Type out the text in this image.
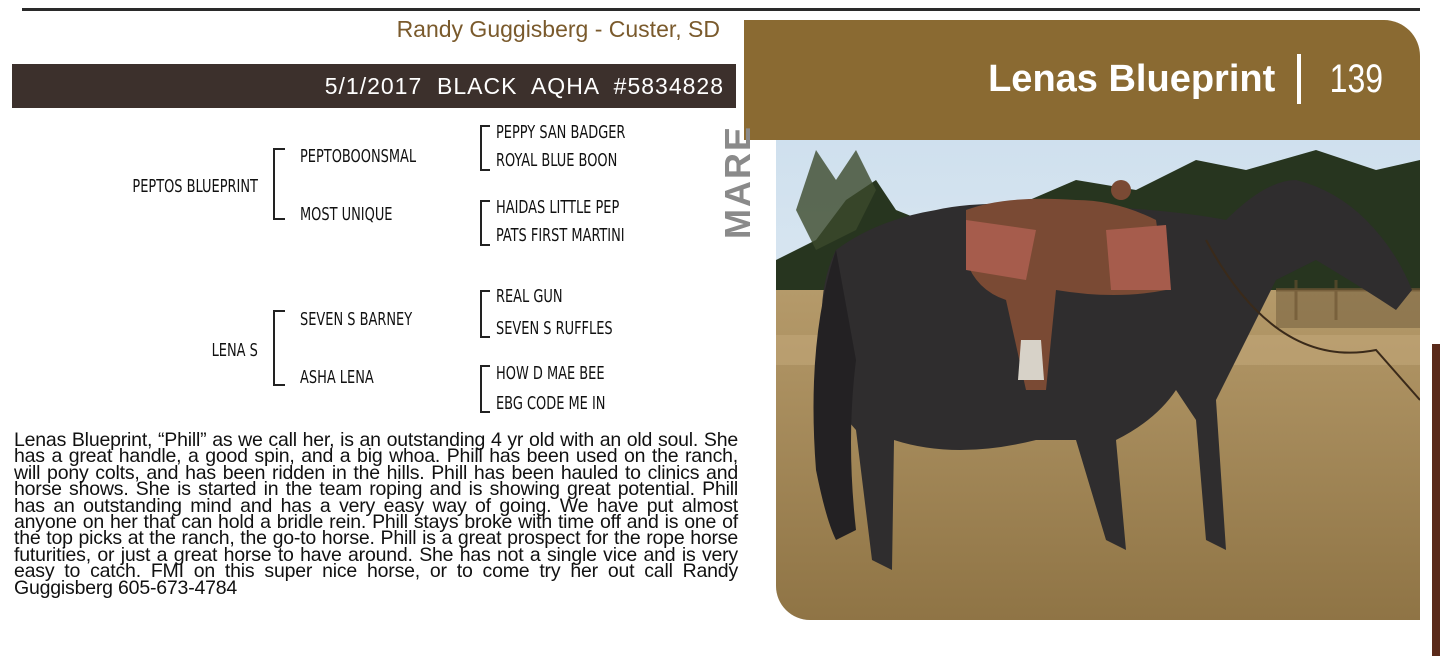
Randy Guggisberg - Custer, SD
5/1/2017  BLACK  AQHA  #5834828	Lenas Blueprint 139
MARE
PEPTOS BLUEPRINT
PEPTOBOONSMAL
MOST UNIQUE
PEPPY SAN BADGER
ROYAL BLUE BOON
HAIDAS LITTLE PEP
PATS FIRST MARTINI
LENA S
SEVEN S BARNEY
ASHA LENA
REAL GUN
SEVEN S RUFFLES
HOW D MAE BEE
EBG CODE ME IN
Lenas Blueprint, “Phill” as we call her, is an outstanding 4 yr old with an old soul. She has a great handle, a good spin, and a big whoa. Phill has been used on the ranch, will pony colts, and has been ridden in the hills. Phill has been hauled to clinics and horse shows. She is started in the team roping and is showing great potential. Phill has an outstanding mind and has a very easy way of going. We have put almost anyone on her that can hold a bridle rein. Phill stays broke with time off and is one of the top picks at the ranch, the go-to horse. Phill is a great prospect for the rope horse futurities, or just a great horse to have around. She has not a single vice and is very easy to catch. FMI on this super nice horse, or to come try her out call Randy Guggisberg 605-673-4784
